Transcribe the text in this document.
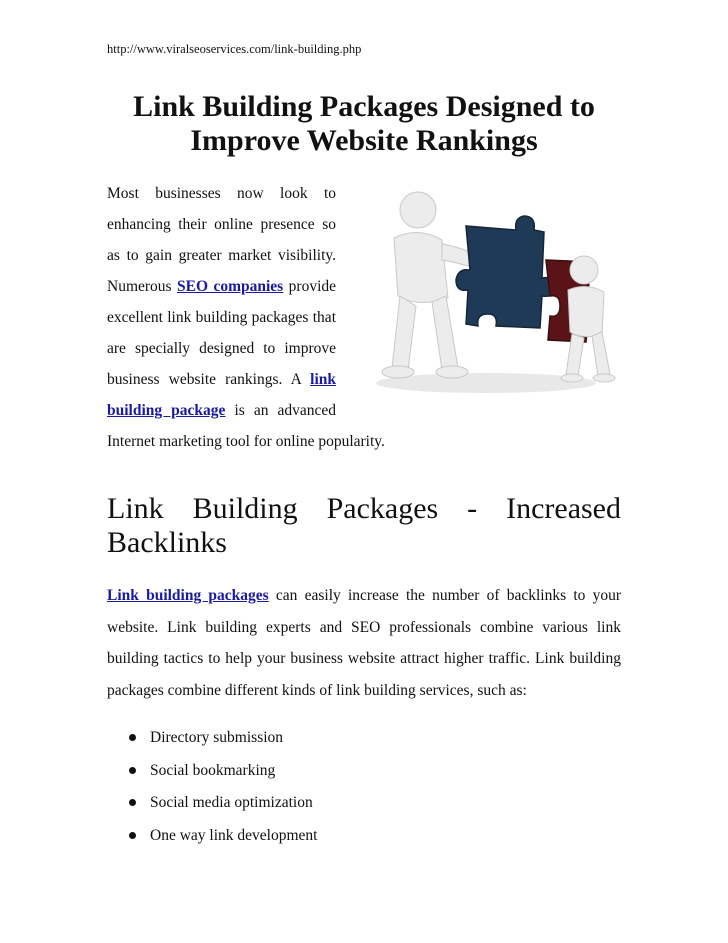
http://www.viralseoservices.com/link-building.php
Link Building Packages Designed to Improve Website Rankings
Most businesses now look to enhancing their online presence so as to gain greater market visibility. Numerous SEO companies provide excellent link building packages that are specially designed to improve business website rankings. A link building package is an advanced Internet marketing tool for online popularity.
Link Building Packages - Increased Backlinks
Link building packages can easily increase the number of backlinks to your website. Link building experts and SEO professionals combine various link building tactics to help your business website attract higher traffic. Link building packages combine different kinds of link building services, such as:
Directory submission
Social bookmarking
Social media optimization
One way link development
